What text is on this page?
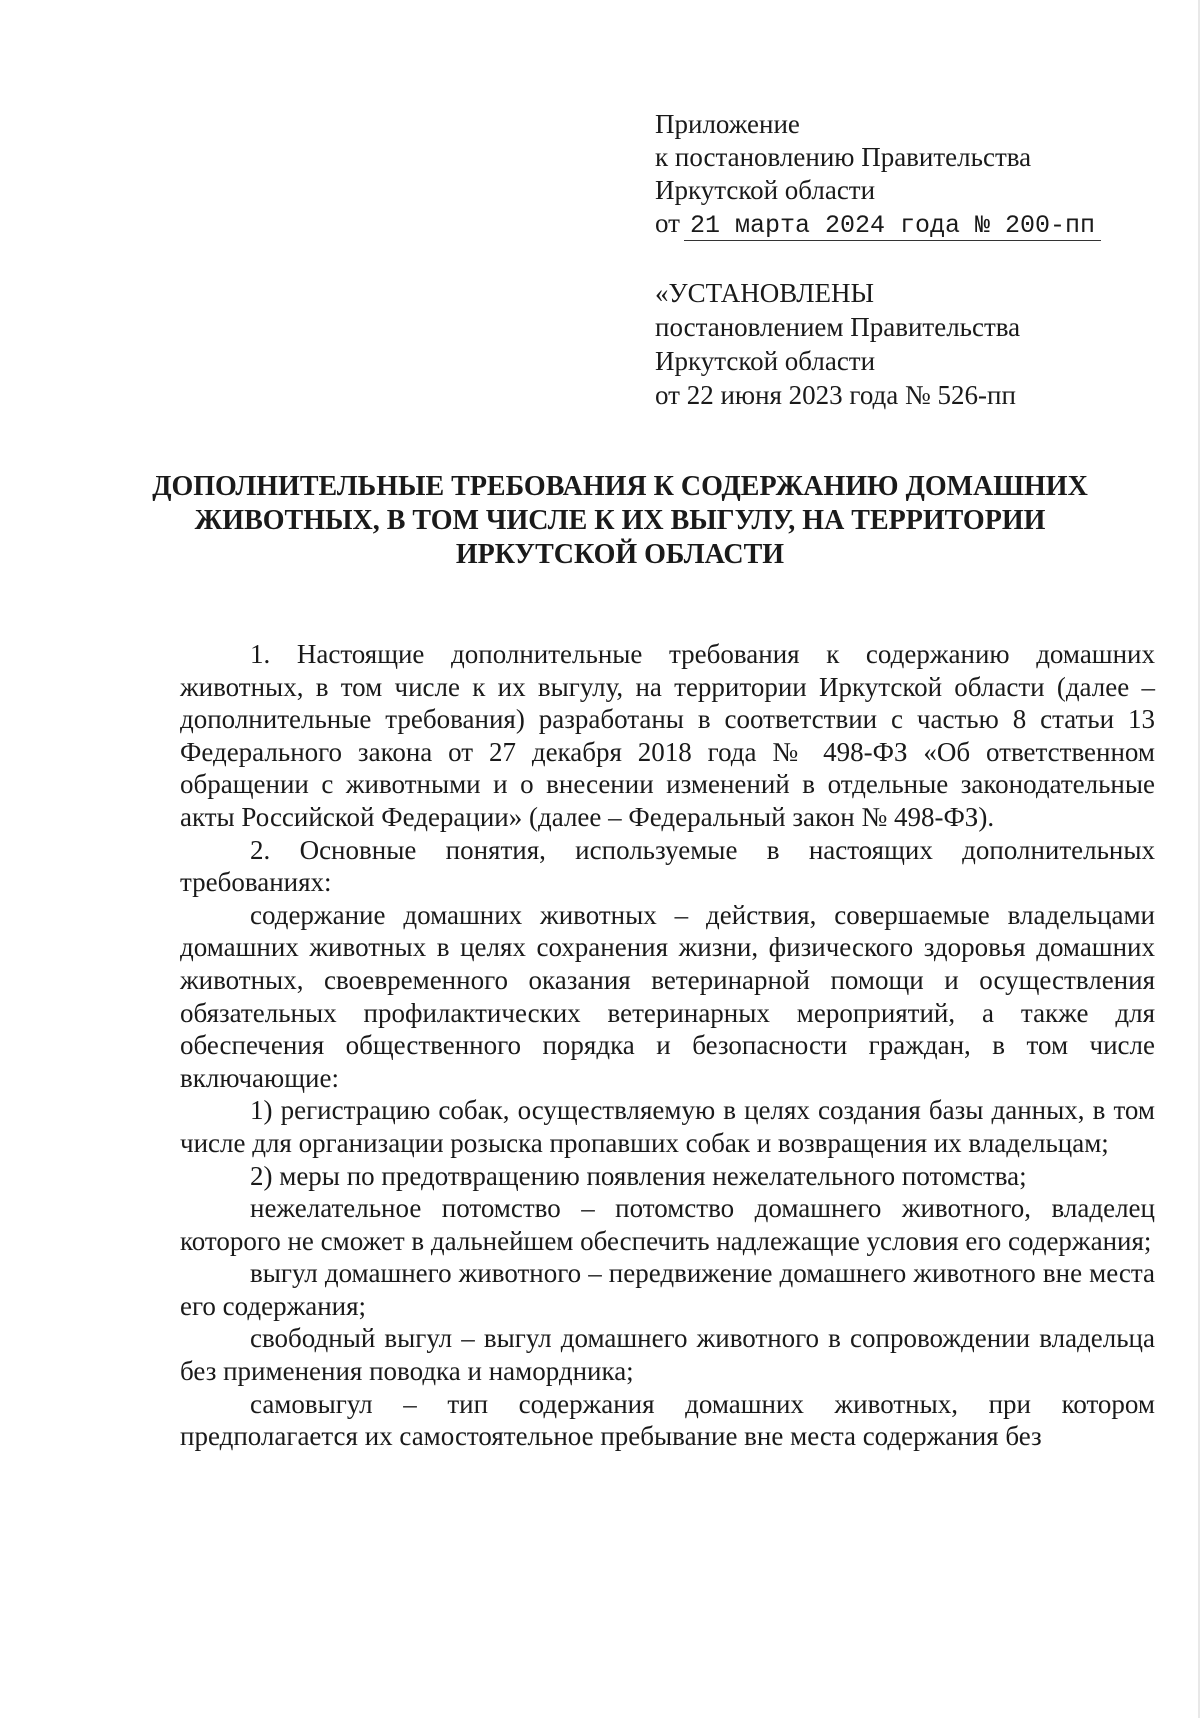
Приложение
к постановлению Правительства
Иркутской области
от 21 марта 2024 года № 200-пп
«УСТАНОВЛЕНЫ
постановлением Правительства
Иркутской области
от 22 июня 2023 года № 526-пп
ДОПОЛНИТЕЛЬНЫЕ ТРЕБОВАНИЯ К СОДЕРЖАНИЮ ДОМАШНИХ
ЖИВОТНЫХ, В ТОМ ЧИСЛЕ К ИХ ВЫГУЛУ, НА ТЕРРИТОРИИ
ИРКУТСКОЙ ОБЛАСТИ

1. Настоящие дополнительные требования к содержанию домашних животных, в том числе к их выгулу, на территории Иркутской области (далее – дополнительные требования) разработаны в соответствии с частью 8 статьи 13 Федерального закона от 27 декабря 2018 года № 498-ФЗ «Об ответственном обращении с животными и о внесении изменений в отдельные законодательные акты Российской Федерации» (далее – Федеральный закон № 498-ФЗ).

2. Основные понятия, используемые в настоящих дополнительных требованиях:

содержание домашних животных – действия, совершаемые владельцами домашних животных в целях сохранения жизни, физического здоровья домашних животных, своевременного оказания ветеринарной помощи и осуществления обязательных профилактических ветеринарных мероприятий, а также для обеспечения общественного порядка и безопасности граждан, в том числе включающие:

1) регистрацию собак, осуществляемую в целях создания базы данных, в том числе для организации розыска пропавших собак и возвращения их владельцам;

2) меры по предотвращению появления нежелательного потомства;

нежелательное потомство – потомство домашнего животного, владелец которого не сможет в дальнейшем обеспечить надлежащие условия его содержания;

выгул домашнего животного – передвижение домашнего животного вне места его содержания;

свободный выгул – выгул домашнего животного в сопровождении владельца без применения поводка и намордника;

самовыгул – тип содержания домашних животных, при котором предполагается их самостоятельное пребывание вне места содержания без
